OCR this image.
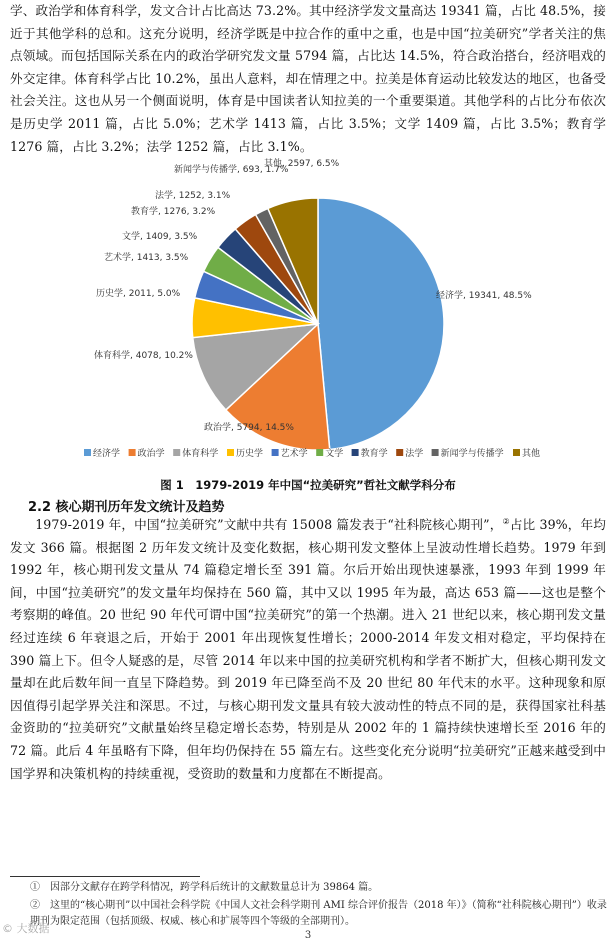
学、政治学和体育科学，发文合计占比高达 73.2%。其中经济学发文量高达 19341 篇，占比 48.5%，接近于其他学科的总和。这充分说明，经济学既是中拉合作的重中之重，也是中国“拉美研究”学者关注的焦点领域。而包括国际关系在内的政治学研究发文量 5794 篇，占比达 14.5%，符合政治搭台，经济唱戏的外交定律。体育科学占比 10.2%，虽出人意料，却在情理之中。拉美是体育运动比较发达的地区，也备受社会关注。这也从另一个侧面说明，体育是中国读者认知拉美的一个重要渠道。其他学科的占比分布依次是历史学 2011 篇，占比 5.0%；艺术学 1413 篇，占比 3.5%；文学 1409 篇，占比 3.5%；教育学 1276 篇，占比 3.2%；法学 1252 篇，占比 3.1%。

经济学, 19341, 48.5%
政治学, 5794, 14.5%
体育科学, 4078, 10.2%
历史学, 2011, 5.0%
艺术学, 1413, 3.5%
文学, 1409, 3.5%
教育学, 1276, 3.2%
法学, 1252, 3.1%
新闻学与传播学, 693, 1.7%
其他, 2597, 6.5%
经济学 政治学 体育科学 历史学 艺术学 文学 教育学 法学 新闻学与传播学 其他
图 1　1979-2019 年中国“拉美研究”哲社文献学科分布
2.2 核心期刊历年发文统计及趋势

1979-2019 年，中国“拉美研究”文献中共有 15008 篇发表于“社科院核心期刊”，②占比 39%，年均发文 366 篇。根据图 2 历年发文统计及变化数据，核心期刊发文整体上呈波动性增长趋势。1979 年到 1992 年，核心期刊发文量从 74 篇稳定增长至 391 篇。尔后开始出现快速暴涨，1993 年到 1999 年间，中国“拉美研究”的发文量年均保持在 560 篇，其中又以 1995 年为最，高达 653 篇——这也是整个考察期的峰值。20 世纪 90 年代可谓中国“拉美研究”的第一个热潮。进入 21 世纪以来，核心期刊发文量经过连续 6 年衰退之后，开始于 2001 年出现恢复性增长；2000-2014 年发文相对稳定，平均保持在 390 篇上下。但令人疑惑的是，尽管 2014 年以来中国的拉美研究机构和学者不断扩大，但核心期刊发文量却在此后数年间一直呈下降趋势。到 2019 年已降至尚不及 20 世纪 80 年代末的水平。这种现象和原因值得引起学界关注和深思。不过，与核心期刊发文量具有较大波动性的特点不同的是，获得国家社科基金资助的“拉美研究”文献量始终呈稳定增长态势，特别是从 2002 年的 1 篇持续快速增长至 2016 年的 72 篇。此后 4 年虽略有下降，但年均仍保持在 55 篇左右。这些变化充分说明“拉美研究”正越来越受到中国学界和决策机构的持续重视，受资助的数量和力度都在不断提高。

①　因部分文献存在跨学科情况，跨学科后统计的文献数量总计为 39864 篇。

②　这里的“核心期刊”以中国社会科学院《中国人文社会科学期刊 AMI 综合评价报告（2018 年）》（简称“社科院核心期刊”）收录期刊为限定范围（包括顶级、权威、核心和扩展等四个等级的全部期刊）。

3
© 大数据
